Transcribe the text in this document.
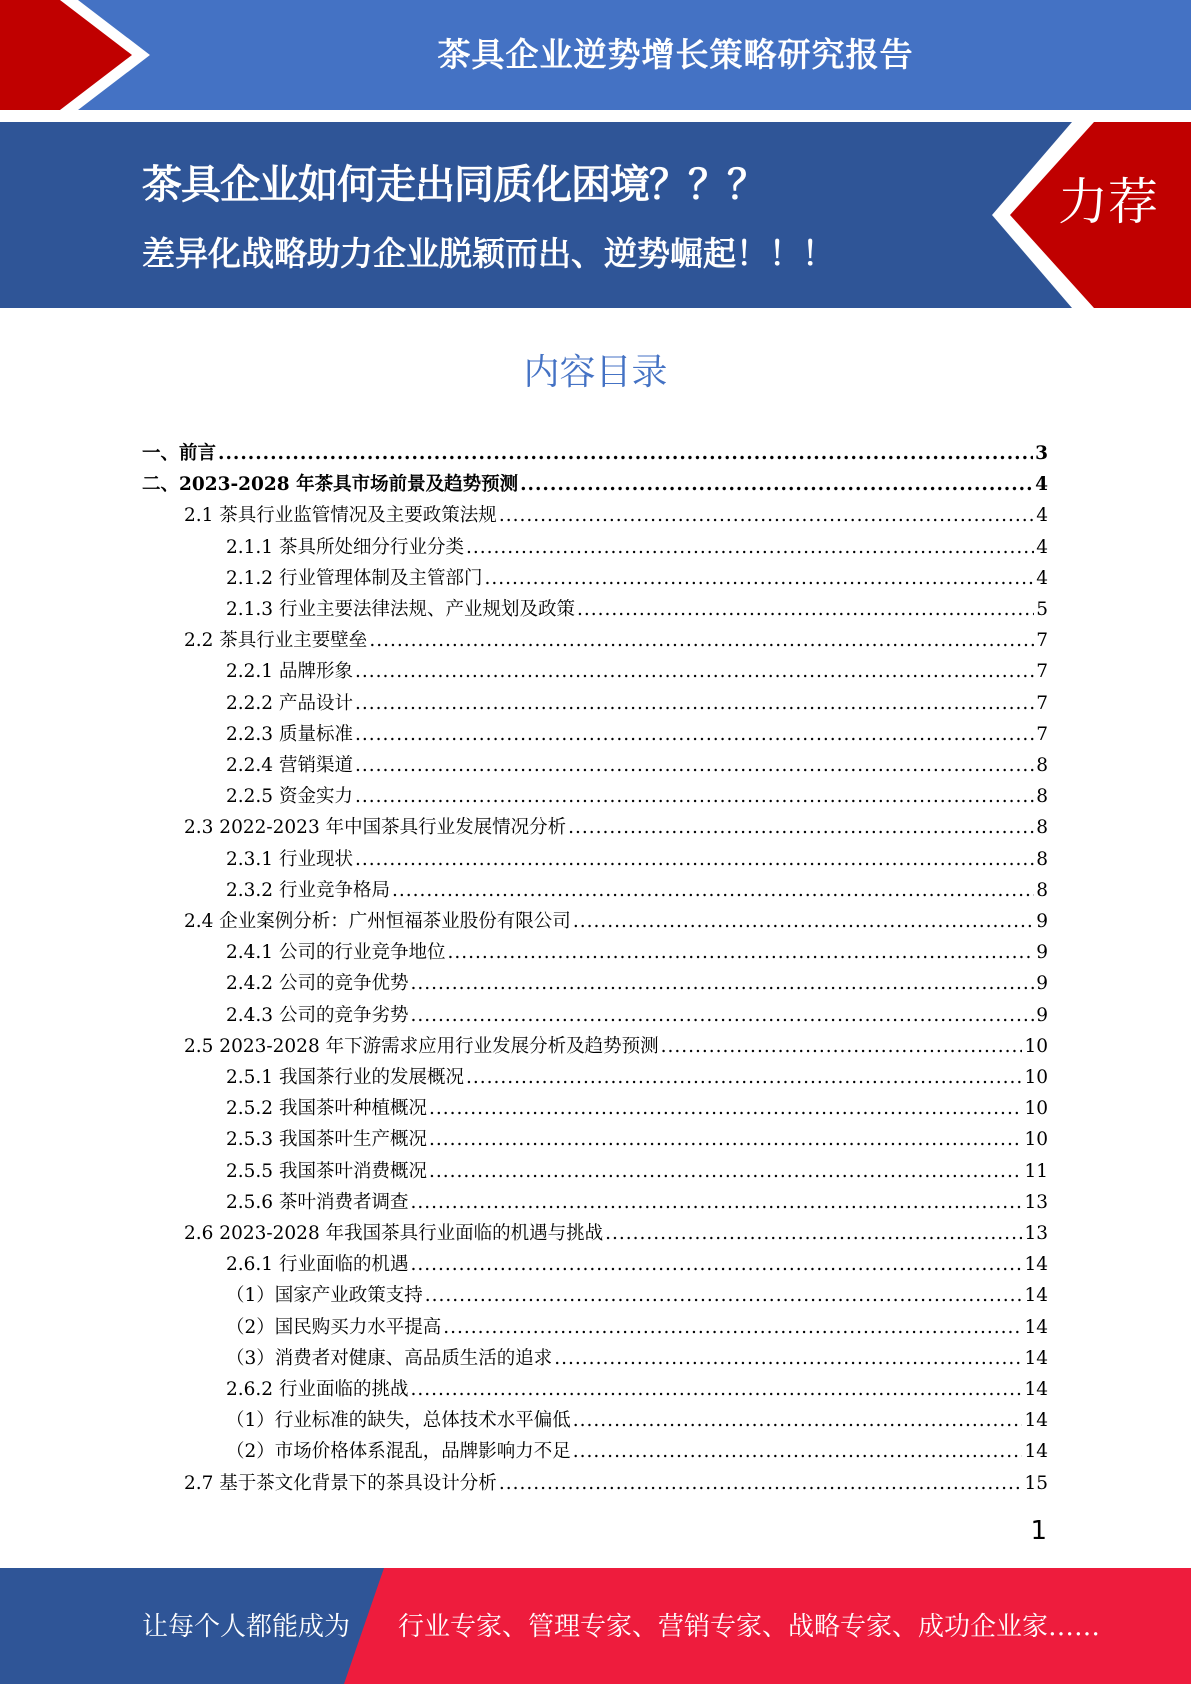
茶具企业逆势增长策略研究报告
茶具企业如何走出同质化困境？？？
差异化战略助力企业脱颖而出、逆势崛起！！！
力荐
内容目录
一、前言 .....	3
二、2023-2028 年茶具市场前景及趋势预测 .....	4
2.1 茶具行业监管情况及主要政策法规 .....	4
2.1.1 茶具所处细分行业分类 .....	4
2.1.2 行业管理体制及主管部门 .....	4
2.1.3 行业主要法律法规、产业规划及政策 .....	5
2.2 茶具行业主要壁垒 .....	7
2.2.1 品牌形象 .....	7
2.2.2 产品设计 .....	7
2.2.3 质量标准 .....	7
2.2.4 营销渠道 .....	8
2.2.5 资金实力 .....	8
2.3 2022-2023 年中国茶具行业发展情况分析 .....	8
2.3.1 行业现状 .....	8
2.3.2 行业竞争格局 .....	8
2.4 企业案例分析：广州恒福茶业股份有限公司 .....	9
2.4.1 公司的行业竞争地位 .....	9
2.4.2 公司的竞争优势 .....	9
2.4.3 公司的竞争劣势 .....	9
2.5 2023-2028 年下游需求应用行业发展分析及趋势预测 .....	10
2.5.1 我国茶行业的发展概况 .....	10
2.5.2 我国茶叶种植概况 .....	10
2.5.3 我国茶叶生产概况 .....	10
2.5.5 我国茶叶消费概况 .....	11
2.5.6 茶叶消费者调查 .....	13
2.6 2023-2028 年我国茶具行业面临的机遇与挑战 .....	13
2.6.1 行业面临的机遇 .....	14
（1）国家产业政策支持 .....	14
（2）国民购买力水平提高 .....	14
（3）消费者对健康、高品质生活的追求 .....	14
2.6.2 行业面临的挑战 .....	14
（1）行业标准的缺失，总体技术水平偏低 .....	14
（2）市场价格体系混乱，品牌影响力不足 .....	14
2.7 基于茶文化背景下的茶具设计分析 .....	15
1
让每个人都能成为 行业专家、管理专家、营销专家、战略专家、成功企业家……
